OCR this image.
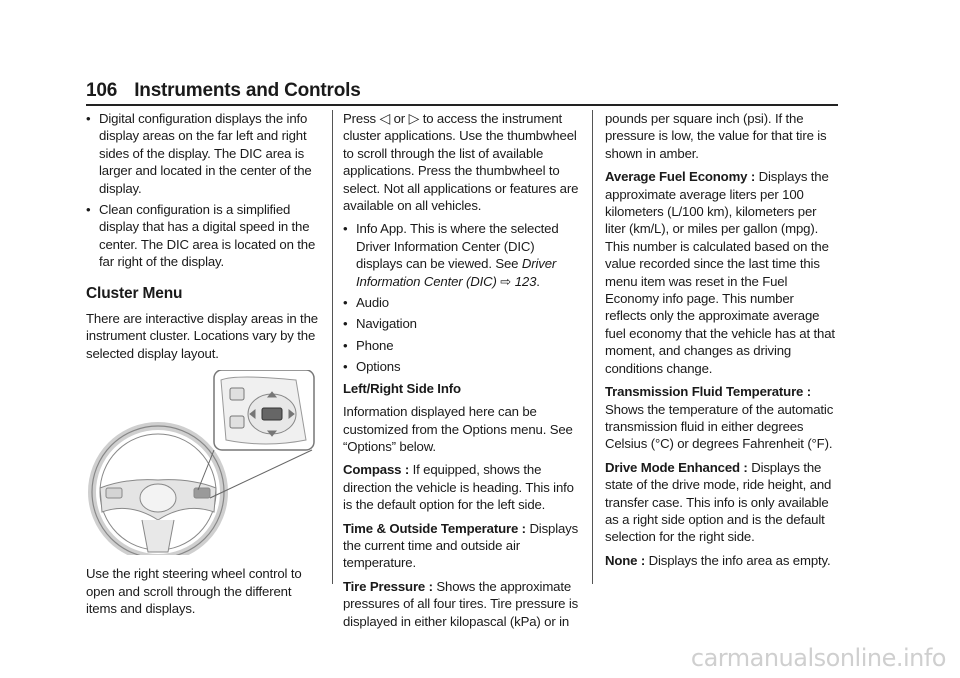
106 Instruments and Controls
• Digital configuration displays the info display areas on the far left and right sides of the display. The DIC area is larger and located in the center of the display.
• Clean configuration is a simplified display that has a digital speed in the center. The DIC area is located on the far right of the display.
Cluster Menu

There are interactive display areas in the instrument cluster. Locations vary by the selected display layout.

Use the right steering wheel control to open and scroll through the different items and displays.

Press ◁ or ▷ to access the instrument cluster applications. Use the thumbwheel to scroll through the list of available applications. Press the thumbwheel to select. Not all applications or features are available on all vehicles.

• Info App. This is where the selected Driver Information Center (DIC) displays can be viewed. See Driver Information Center (DIC) ⇨ 123.
• Audio
• Navigation
• Phone
• Options

Left/Right Side Info

Information displayed here can be customized from the Options menu. See “Options” below.

Compass : If equipped, shows the direction the vehicle is heading. This info is the default option for the left side.

Time & Outside Temperature : Displays the current time and outside air temperature.

Tire Pressure : Shows the approximate pressures of all four tires. Tire pressure is displayed in either kilopascal (kPa) or in

pounds per square inch (psi). If the pressure is low, the value for that tire is shown in amber.

Average Fuel Economy : Displays the approximate average liters per 100 kilometers (L/100 km), kilometers per liter (km/L), or miles per gallon (mpg). This number is calculated based on the value recorded since the last time this menu item was reset in the Fuel Economy info page. This number reflects only the approximate average fuel economy that the vehicle has at that moment, and changes as driving conditions change.

Transmission Fluid Temperature : Shows the temperature of the automatic transmission fluid in either degrees Celsius (°C) or degrees Fahrenheit (°F).

Drive Mode Enhanced : Displays the state of the drive mode, ride height, and transfer case. This info is only available as a right side option and is the default selection for the right side.

None : Displays the info area as empty.

carmanualsonline.info
